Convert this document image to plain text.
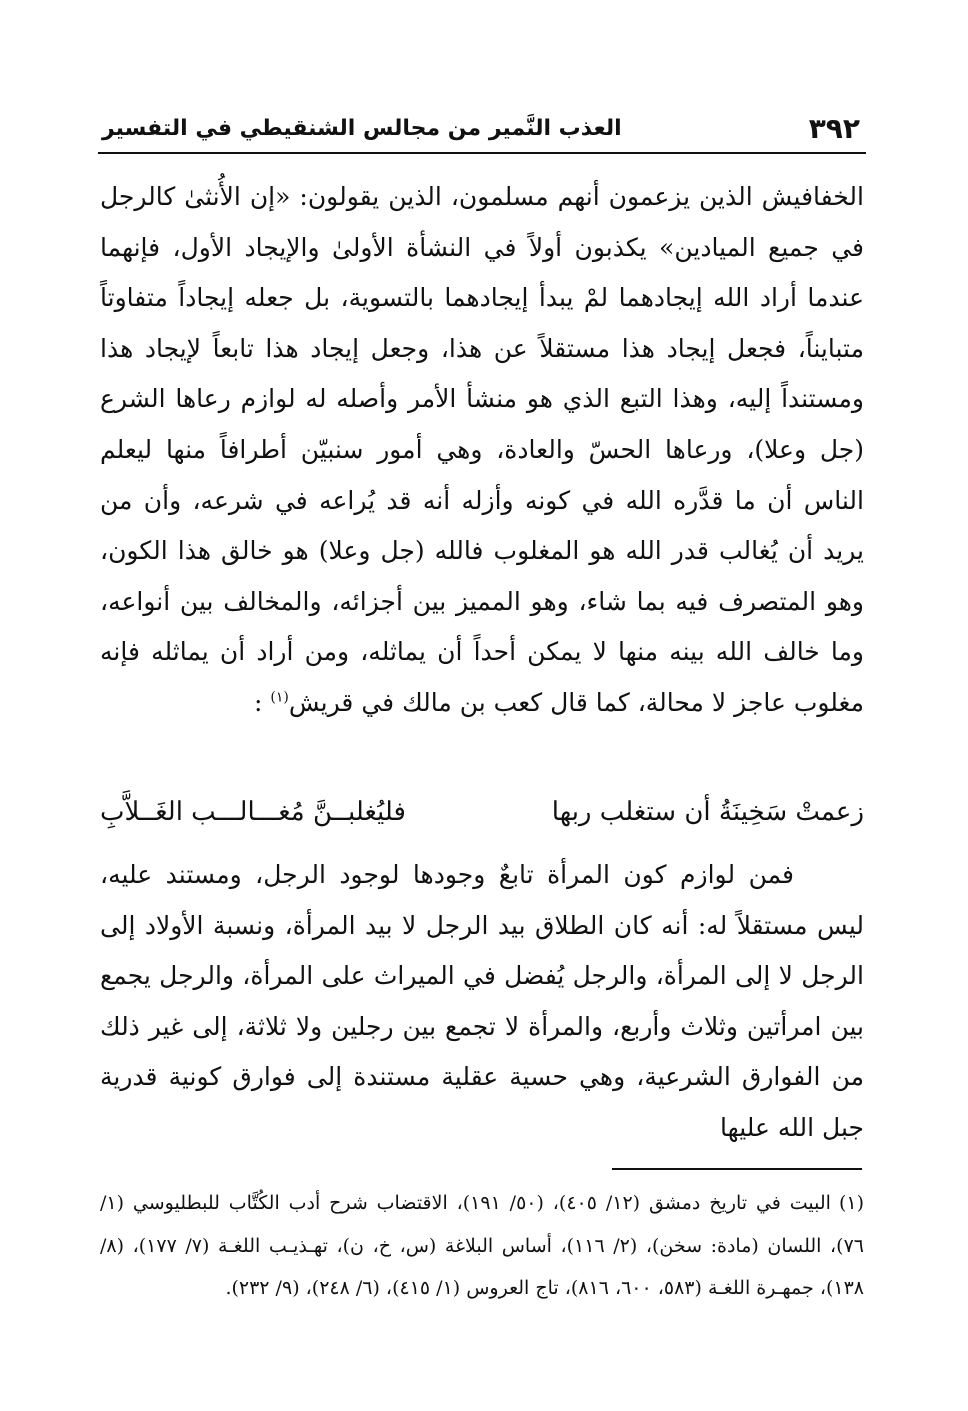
٣٩٢
العذب النَّمير من مجالس الشنقيطي في التفسير

الخفافيش الذين يزعمون أنهم مسلمون، الذين يقولون: «إن الأُنثىٰ كالرجل في جميع الميادين» يكذبون أولاً في النشأة الأولىٰ والإيجاد الأول، فإنهما عندما أراد الله إيجادهما لمْ يبدأ إيجادهما بالتسوية، بل جعله إيجاداً متفاوتاً متبايناً، فجعل إيجاد هذا مستقلاً عن هذا، وجعل إيجاد هذا تابعاً لإيجاد هذا ومستنداً إليه، وهذا التبع الذي هو منشأ الأمر وأصله له لوازم رعاها الشرع (جل وعلا)، ورعاها الحسّ والعادة، وهي أمور سنبيّن أطرافاً منها ليعلم الناس أن ما قدَّره الله في كونه وأزله أنه قد يُراعه في شرعه، وأن من يريد أن يُغالب قدر الله هو المغلوب فالله (جل وعلا) هو خالق هذا الكون، وهو المتصرف فيه بما شاء، وهو المميز بين أجزائه، والمخالف بين أنواعه، وما خالف الله بينه منها لا يمكن أحداً أن يماثله، ومن أراد أن يماثله فإنه مغلوب عاجز لا محالة، كما قال كعب بن مالك في قريش$^{(١)}$ :

زعمتْ سَخِينَةُ أن ستغلب ربها
فليُغلبــنَّ مُغـــالـــب الغَــلاَّبِ

فمن لوازم كون المرأة تابعٌ وجودها لوجود الرجل، ومستند عليه، ليس مستقلاً له: أنه كان الطلاق بيد الرجل لا بيد المرأة، ونسبة الأولاد إلى الرجل لا إلى المرأة، والرجل يُفضل في الميراث على المرأة، والرجل يجمع بين امرأتين وثلاث وأربع، والمرأة لا تجمع بين رجلين ولا ثلاثة، إلى غير ذلك من الفوارق الشرعية، وهي حسية عقلية مستندة إلى فوارق كونية قدرية جبل الله عليها

(١)البيت في تاريخ دمشق (١٢/ ٤٠٥)، (٥٠/ ١٩١)، الاقتضاب شرح أدب الكُتَّاب للبطليوسي (١/ ٧٦)، اللسان (مادة: سخن)، (٢/ ١١٦)، أساس البلاغة (س، خ، ن)، تهـذيـب اللغـة (٧/ ١٧٧)، (٨/ ١٣٨)، جمهـرة اللغـة (٥٨٣، ٦٠٠، ٨١٦)، تاج العروس (١/ ٤١٥)، (٦/ ٢٤٨)، (٩/ ٢٣٢).
